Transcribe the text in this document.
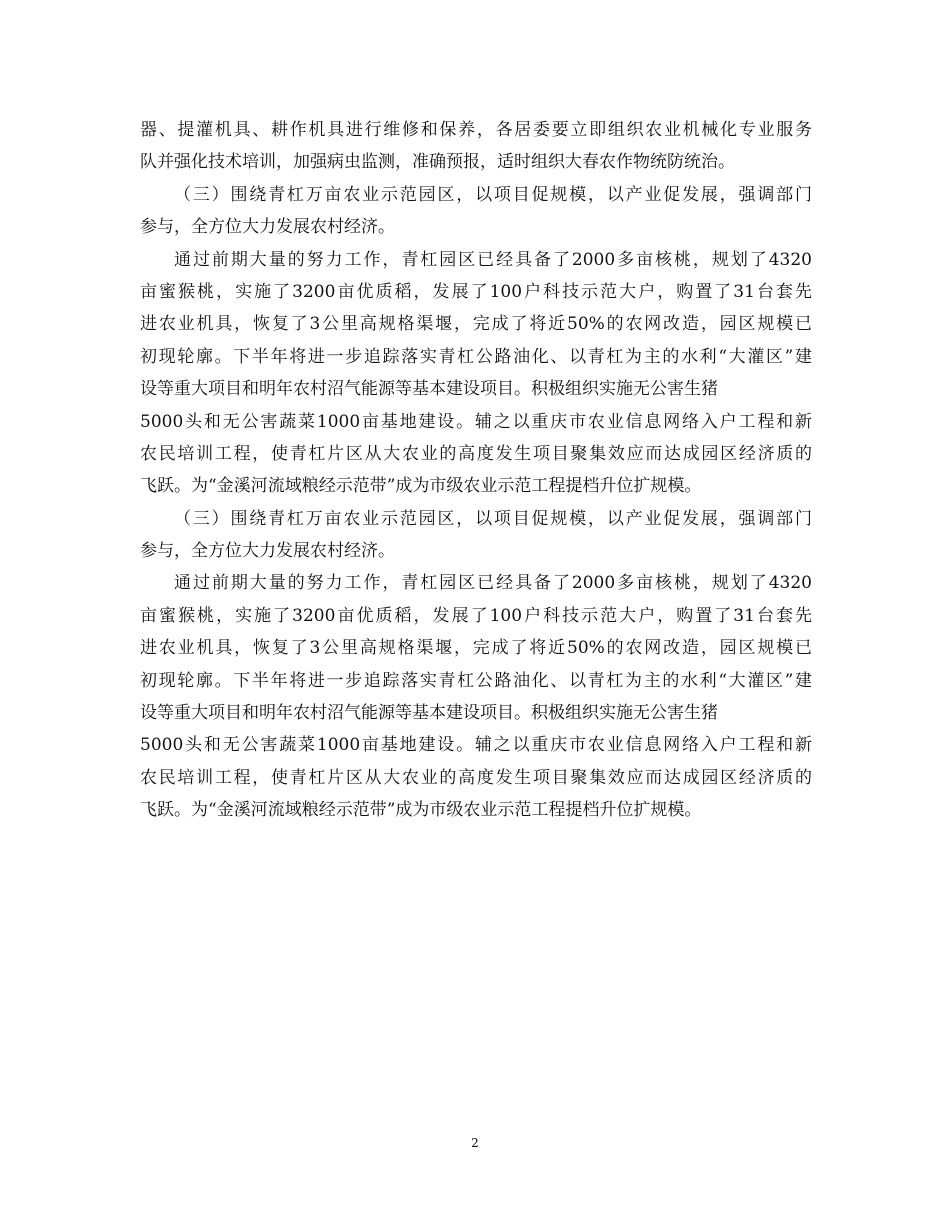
器、提灌机具、耕作机具进行维修和保养，各居委要立即组织农业机械化专业服务
队并强化技术培训，加强病虫监测，准确预报，适时组织大春农作物统防统治。
（三）围绕青杠万亩农业示范园区，以项目促规模，以产业促发展，强调部门
参与，全方位大力发展农村经济。
通过前期大量的努力工作，青杠园区已经具备了2000多亩核桃，规划了4320
亩蜜猴桃，实施了3200亩优质稻，发展了100户科技示范大户，购置了31台套先
进农业机具，恢复了3公里高规格渠堰，完成了将近50%的农网改造，园区规模已
初现轮廓。下半年将进一步追踪落实青杠公路油化、以青杠为主的水利“大灌区”建
设等重大项目和明年农村沼气能源等基本建设项目。积极组织实施无公害生猪
5000头和无公害蔬菜1000亩基地建设。辅之以重庆市农业信息网络入户工程和新
农民培训工程，使青杠片区从大农业的高度发生项目聚集效应而达成园区经济质的
飞跃。为“金溪河流域粮经示范带”成为市级农业示范工程提档升位扩规模。
（三）围绕青杠万亩农业示范园区，以项目促规模，以产业促发展，强调部门
参与，全方位大力发展农村经济。
通过前期大量的努力工作，青杠园区已经具备了2000多亩核桃，规划了4320
亩蜜猴桃，实施了3200亩优质稻，发展了100户科技示范大户，购置了31台套先
进农业机具，恢复了3公里高规格渠堰，完成了将近50%的农网改造，园区规模已
初现轮廓。下半年将进一步追踪落实青杠公路油化、以青杠为主的水利“大灌区”建
设等重大项目和明年农村沼气能源等基本建设项目。积极组织实施无公害生猪
5000头和无公害蔬菜1000亩基地建设。辅之以重庆市农业信息网络入户工程和新
农民培训工程，使青杠片区从大农业的高度发生项目聚集效应而达成园区经济质的
飞跃。为“金溪河流域粮经示范带”成为市级农业示范工程提档升位扩规模。
2
